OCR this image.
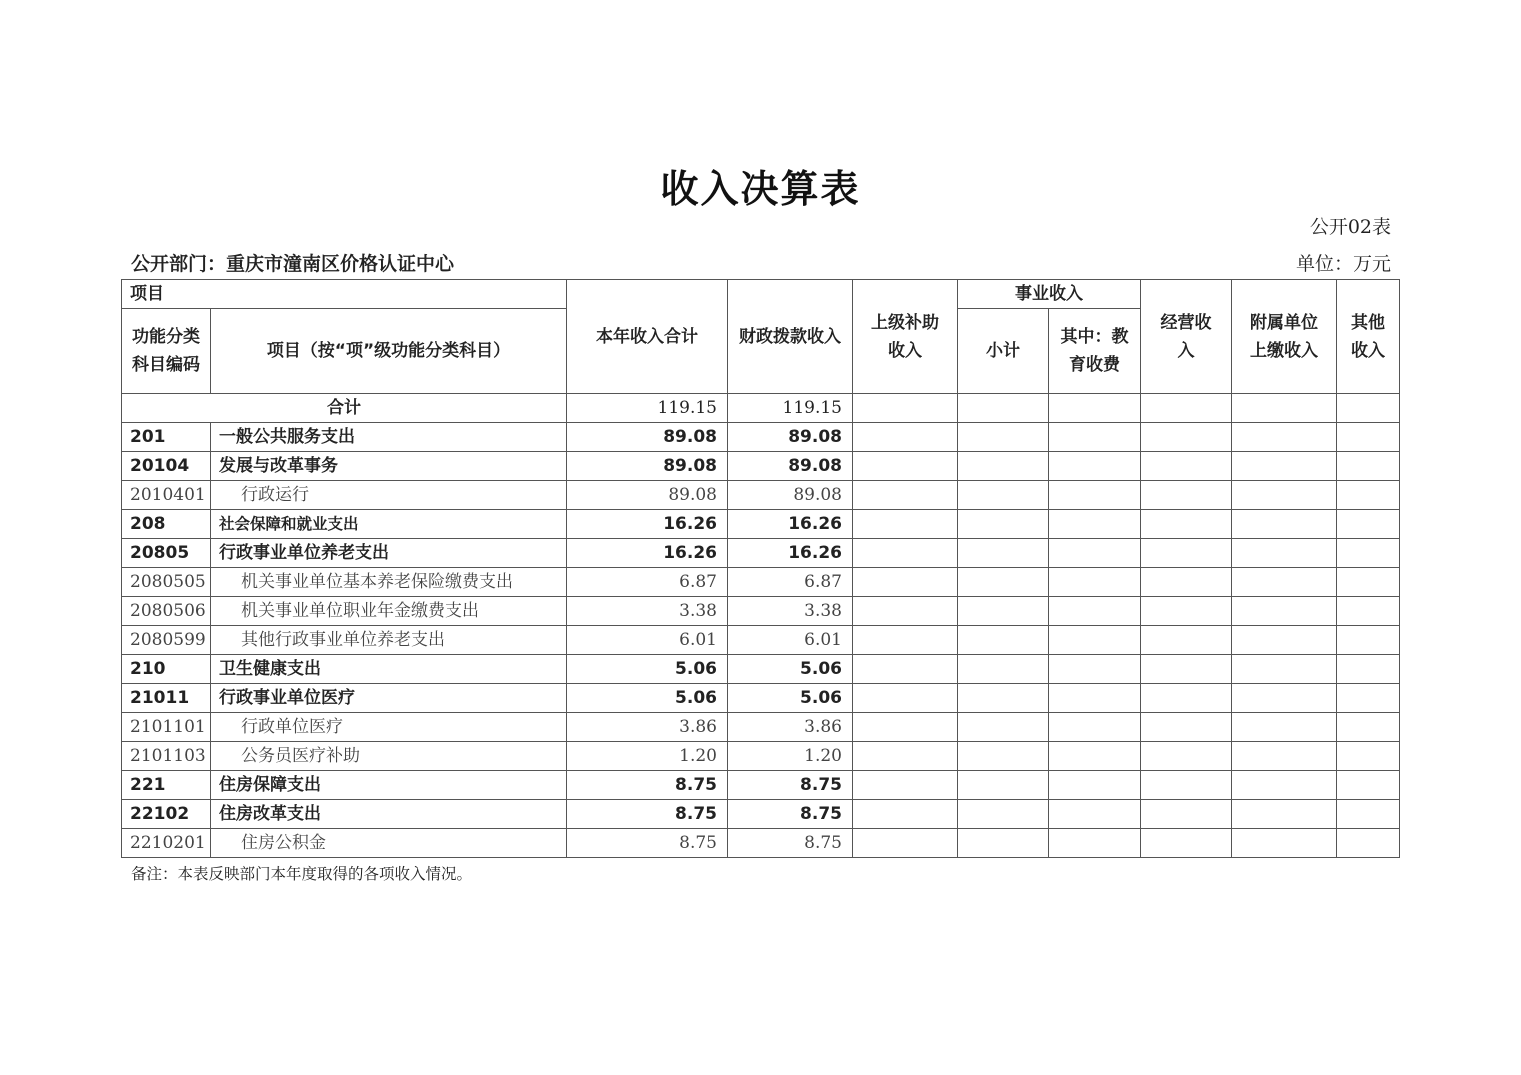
收入决算表
公开02表
公开部门：重庆市潼南区价格认证中心	单位：万元
项目		本年收入合计	财政拨款收入	上级补助收入	事业收入		经营收入	附属单位上缴收入	其他收入
功能分类科目编码	项目（按“项”级功能分类科目）				小计	其中：教育收费			

合计		119.15	119.15						
201	一般公共服务支出	89.08	89.08						
20104	发展与改革事务	89.08	89.08						
2010401	行政运行	89.08	89.08						
208	社会保障和就业支出	16.26	16.26						
20805	行政事业单位养老支出	16.26	16.26						
2080505	机关事业单位基本养老保险缴费支出	6.87	6.87						
2080506	机关事业单位职业年金缴费支出	3.38	3.38						
2080599	其他行政事业单位养老支出	6.01	6.01						
210	卫生健康支出	5.06	5.06						
21011	行政事业单位医疗	5.06	5.06						
2101101	行政单位医疗	3.86	3.86						
2101103	公务员医疗补助	1.20	1.20						
221	住房保障支出	8.75	8.75						
22102	住房改革支出	8.75	8.75						
2210201	住房公积金	8.75	8.75						
备注：本表反映部门本年度取得的各项收入情况。
